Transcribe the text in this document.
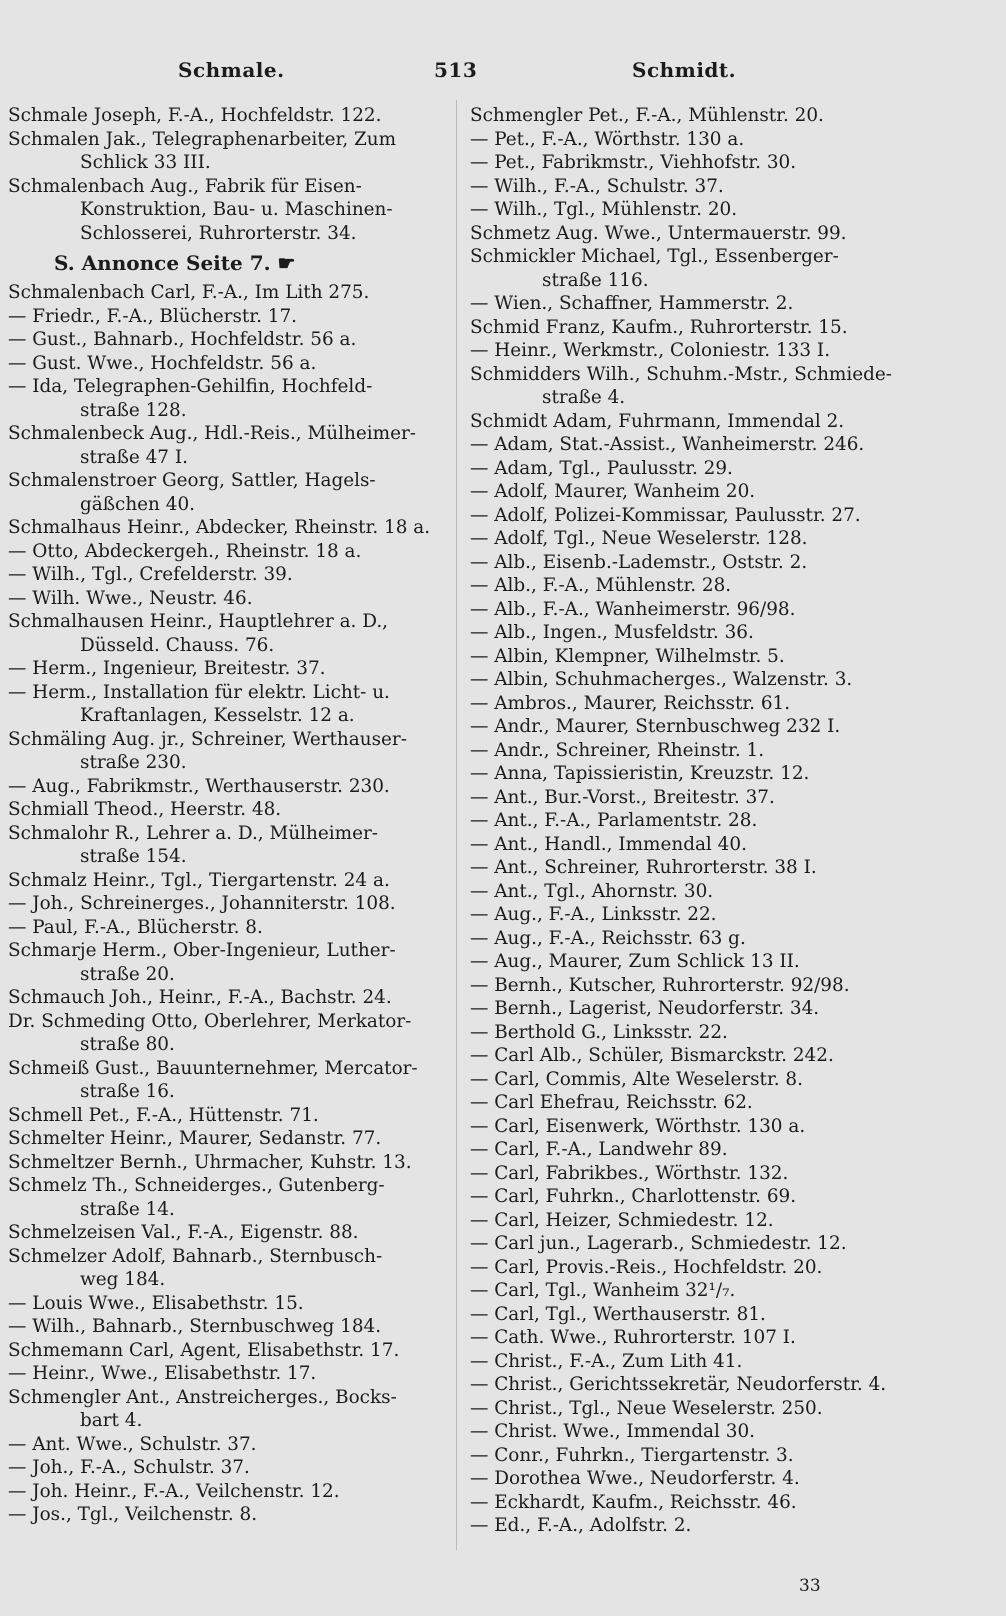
Schmale.	513	Schmidt.

Schmale Joseph, F.-A., Hochfeldstr. 122.

Schmalen Jak., Telegraphenarbeiter, Zum

Schlick 33 III.

Schmalenbach Aug., Fabrik für Eisen-

Konstruktion, Bau- u. Maschinen-

Schlosserei, Ruhrorterstr. 34.

S. Annonce Seite 7. ☛

Schmalenbach Carl, F.-A., Im Lith 275.

— Friedr., F.-A., Blücherstr. 17.

— Gust., Bahnarb., Hochfeldstr. 56 a.

— Gust. Wwe., Hochfeldstr. 56 a.

— Ida, Telegraphen-Gehilfin, Hochfeld-

straße 128.

Schmalenbeck Aug., Hdl.-Reis., Mülheimer-

straße 47 I.

Schmalenstroer Georg, Sattler, Hagels-

gäßchen 40.

Schmalhaus Heinr., Abdecker, Rheinstr. 18 a.

— Otto, Abdeckergeh., Rheinstr. 18 a.

— Wilh., Tgl., Crefelderstr. 39.

— Wilh. Wwe., Neustr. 46.

Schmalhausen Heinr., Hauptlehrer a. D.,

Düsseld. Chauss. 76.

— Herm., Ingenieur, Breitestr. 37.

— Herm., Installation für elektr. Licht- u.

Kraftanlagen, Kesselstr. 12 a.

Schmäling Aug. jr., Schreiner, Werthauser-

straße 230.

— Aug., Fabrikmstr., Werthauserstr. 230.

Schmiall Theod., Heerstr. 48.

Schmalohr R., Lehrer a. D., Mülheimer-

straße 154.

Schmalz Heinr., Tgl., Tiergartenstr. 24 a.

— Joh., Schreinerges., Johanniterstr. 108.

— Paul, F.-A., Blücherstr. 8.

Schmarje Herm., Ober-Ingenieur, Luther-

straße 20.

Schmauch Joh., Heinr., F.-A., Bachstr. 24.

Dr. Schmeding Otto, Oberlehrer, Merkator-

straße 80.

Schmeiß Gust., Bauunternehmer, Mercator-

straße 16.

Schmell Pet., F.-A., Hüttenstr. 71.

Schmelter Heinr., Maurer, Sedanstr. 77.

Schmeltzer Bernh., Uhrmacher, Kuhstr. 13.

Schmelz Th., Schneiderges., Gutenberg-

straße 14.

Schmelzeisen Val., F.-A., Eigenstr. 88.

Schmelzer Adolf, Bahnarb., Sternbusch-

weg 184.

— Louis Wwe., Elisabethstr. 15.

— Wilh., Bahnarb., Sternbuschweg 184.

Schmemann Carl, Agent, Elisabethstr. 17.

— Heinr., Wwe., Elisabethstr. 17.

Schmengler Ant., Anstreicherges., Bocks-

bart 4.

— Ant. Wwe., Schulstr. 37.

— Joh., F.-A., Schulstr. 37.

— Joh. Heinr., F.-A., Veilchenstr. 12.

— Jos., Tgl., Veilchenstr. 8.

Schmengler Pet., F.-A., Mühlenstr. 20.

— Pet., F.-A., Wörthstr. 130 a.

— Pet., Fabrikmstr., Viehhofstr. 30.

— Wilh., F.-A., Schulstr. 37.

— Wilh., Tgl., Mühlenstr. 20.

Schmetz Aug. Wwe., Untermauerstr. 99.

Schmickler Michael, Tgl., Essenberger-

straße 116.

— Wien., Schaffner, Hammerstr. 2.

Schmid Franz, Kaufm., Ruhrorterstr. 15.

— Heinr., Werkmstr., Coloniestr. 133 I.

Schmidders Wilh., Schuhm.-Mstr., Schmiede-

straße 4.

Schmidt Adam, Fuhrmann, Immendal 2.

— Adam, Stat.-Assist., Wanheimerstr. 246.

— Adam, Tgl., Paulusstr. 29.

— Adolf, Maurer, Wanheim 20.

— Adolf, Polizei-Kommissar, Paulusstr. 27.

— Adolf, Tgl., Neue Weselerstr. 128.

— Alb., Eisenb.-Lademstr., Oststr. 2.

— Alb., F.-A., Mühlenstr. 28.

— Alb., F.-A., Wanheimerstr. 96/98.

— Alb., Ingen., Musfeldstr. 36.

— Albin, Klempner, Wilhelmstr. 5.

— Albin, Schuhmacherges., Walzenstr. 3.

— Ambros., Maurer, Reichsstr. 61.

— Andr., Maurer, Sternbuschweg 232 I.

— Andr., Schreiner, Rheinstr. 1.

— Anna, Tapissieristin, Kreuzstr. 12.

— Ant., Bur.-Vorst., Breitestr. 37.

— Ant., F.-A., Parlamentstr. 28.

— Ant., Handl., Immendal 40.

— Ant., Schreiner, Ruhrorterstr. 38 I.

— Ant., Tgl., Ahornstr. 30.

— Aug., F.-A., Linksstr. 22.

— Aug., F.-A., Reichsstr. 63 g.

— Aug., Maurer, Zum Schlick 13 II.

— Bernh., Kutscher, Ruhrorterstr. 92/98.

— Bernh., Lagerist, Neudorferstr. 34.

— Berthold G., Linksstr. 22.

— Carl Alb., Schüler, Bismarckstr. 242.

— Carl, Commis, Alte Weselerstr. 8.

— Carl Ehefrau, Reichsstr. 62.

— Carl, Eisenwerk, Wörthstr. 130 a.

— Carl, F.-A., Landwehr 89.

— Carl, Fabrikbes., Wörthstr. 132.

— Carl, Fuhrkn., Charlottenstr. 69.

— Carl, Heizer, Schmiedestr. 12.

— Carl jun., Lagerarb., Schmiedestr. 12.

— Carl, Provis.-Reis., Hochfeldstr. 20.

— Carl, Tgl., Wanheim 32¹/₇.

— Carl, Tgl., Werthauserstr. 81.

— Cath. Wwe., Ruhrorterstr. 107 I.

— Christ., F.-A., Zum Lith 41.

— Christ., Gerichtssekretär, Neudorferstr. 4.

— Christ., Tgl., Neue Weselerstr. 250.

— Christ. Wwe., Immendal 30.

— Conr., Fuhrkn., Tiergartenstr. 3.

— Dorothea Wwe., Neudorferstr. 4.

— Eckhardt, Kaufm., Reichsstr. 46.

— Ed., F.-A., Adolfstr. 2.

33
